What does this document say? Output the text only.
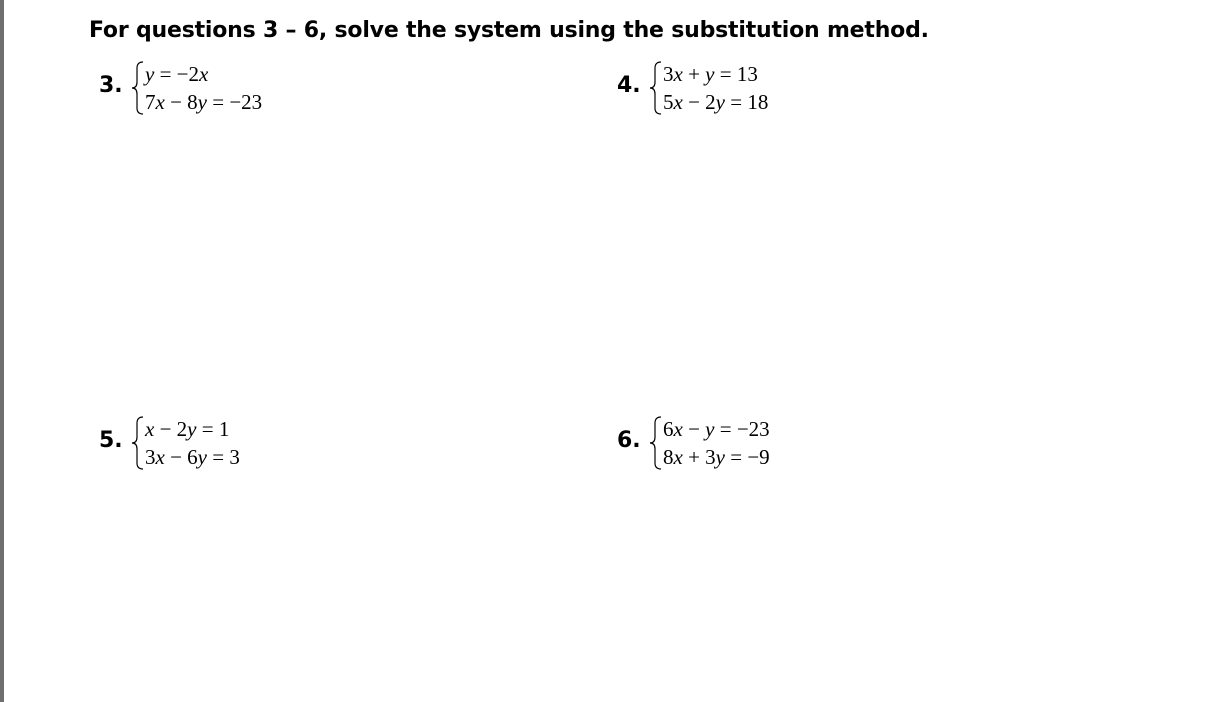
For questions 3 – 6, solve the system using the substitution method.
3. y = −2x
7x − 8y = −23
4. 3x + y = 13
5x − 2y = 18
5. x − 2y = 1
3x − 6y = 3
6. 6x − y = −23
8x + 3y = −9
